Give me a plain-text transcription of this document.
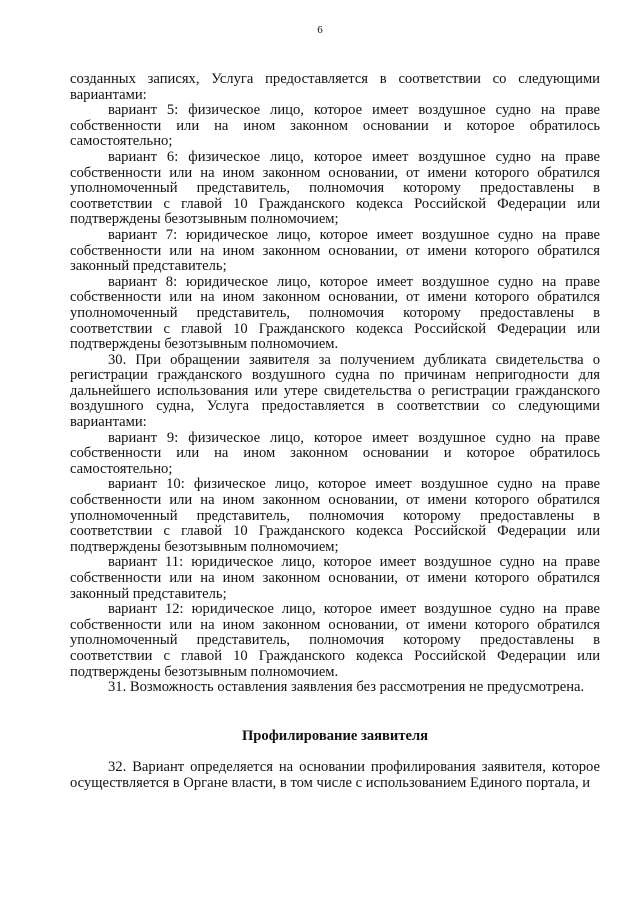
6

созданных записях, Услуга предоставляется в соответствии со следующими вариантами:

вариант 5: физическое лицо, которое имеет воздушное судно на праве собственности или на ином законном основании и которое обратилось самостоятельно;

вариант 6: физическое лицо, которое имеет воздушное судно на праве собственности или на ином законном основании, от имени которого обратился уполномоченный представитель, полномочия которому предоставлены в соответствии с главой 10 Гражданского кодекса Российской Федерации или подтверждены безотзывным полномочием;

вариант 7: юридическое лицо, которое имеет воздушное судно на праве собственности или на ином законном основании, от имени которого обратился законный представитель;

вариант 8: юридическое лицо, которое имеет воздушное судно на праве собственности или на ином законном основании, от имени которого обратился уполномоченный представитель, полномочия которому предоставлены в соответствии с главой 10 Гражданского кодекса Российской Федерации или подтверждены безотзывным полномочием.

30. При обращении заявителя за получением дубликата свидетельства о регистрации гражданского воздушного судна по причинам непригодности для дальнейшего использования или утере свидетельства о регистрации гражданского воздушного судна, Услуга предоставляется в соответствии со следующими вариантами:

вариант 9: физическое лицо, которое имеет воздушное судно на праве собственности или на ином законном основании и которое обратилось самостоятельно;

вариант 10: физическое лицо, которое имеет воздушное судно на праве собственности или на ином законном основании, от имени которого обратился уполномоченный представитель, полномочия которому предоставлены в соответствии с главой 10 Гражданского кодекса Российской Федерации или подтверждены безотзывным полномочием;

вариант 11: юридическое лицо, которое имеет воздушное судно на праве собственности или на ином законном основании, от имени которого обратился законный представитель;

вариант 12: юридическое лицо, которое имеет воздушное судно на праве собственности или на ином законном основании, от имени которого обратился уполномоченный представитель, полномочия которому предоставлены в соответствии с главой 10 Гражданского кодекса Российской Федерации или подтверждены безотзывным полномочием.

31. Возможность оставления заявления без рассмотрения не предусмотрена.

Профилирование заявителя

32. Вариант определяется на основании профилирования заявителя, которое осуществляется в Органе власти, в том числе с использованием Единого портала, и
